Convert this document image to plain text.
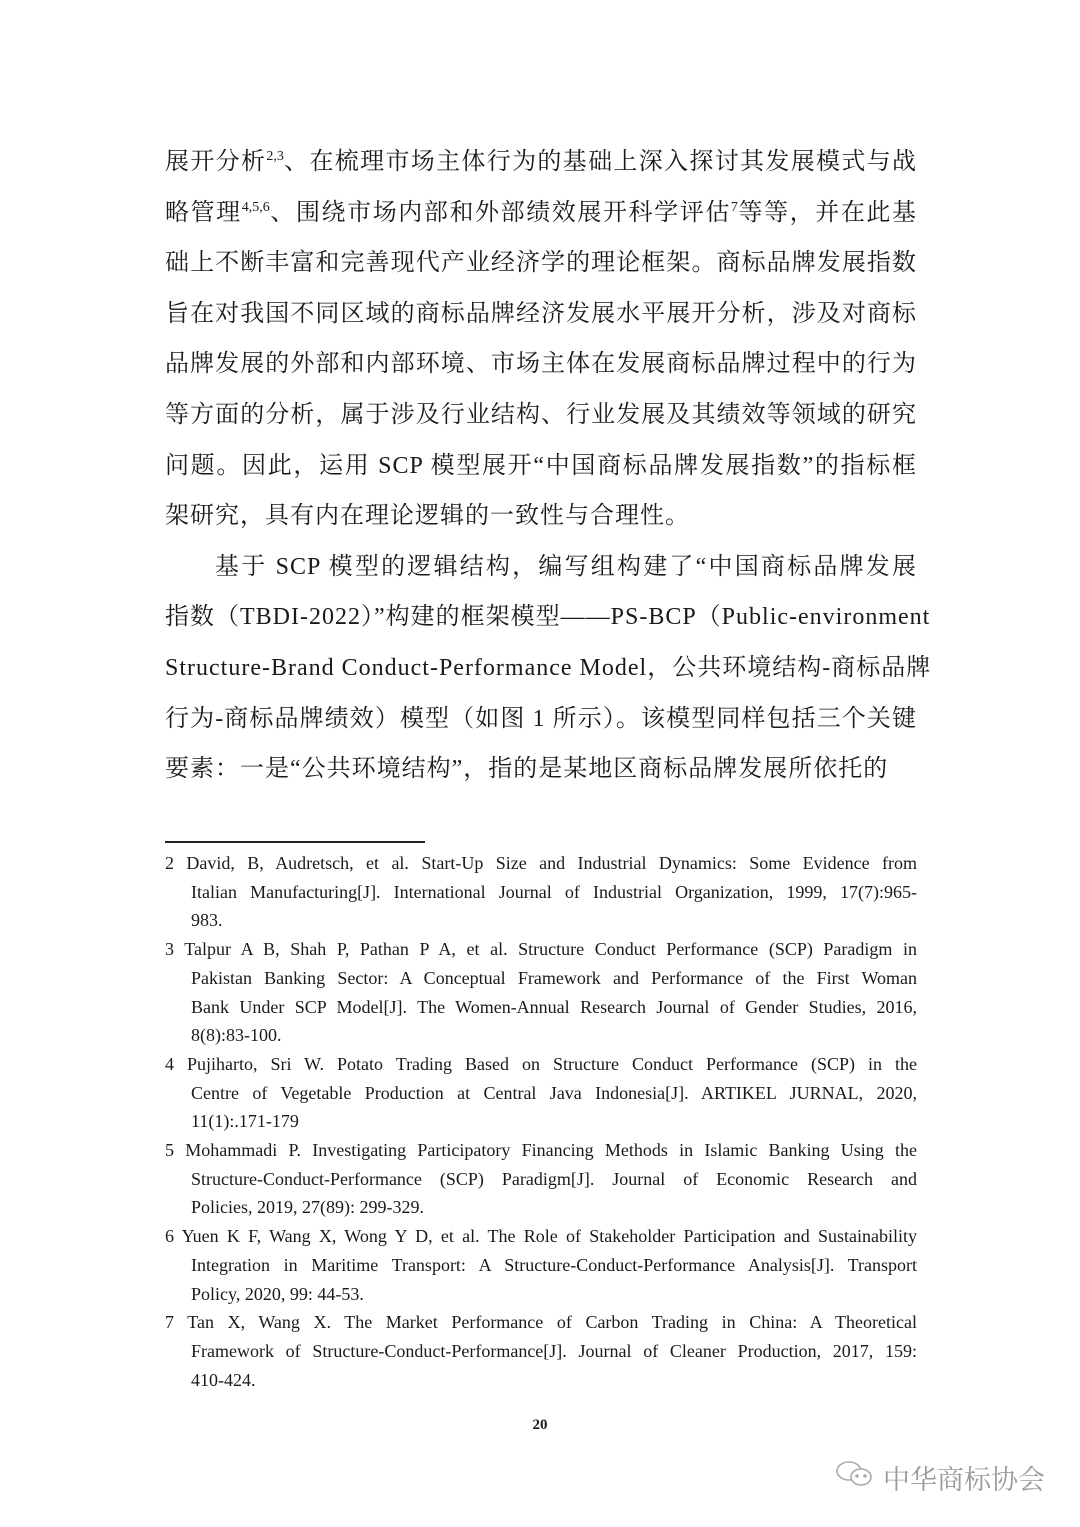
展开分析$^{2,3}$、在梳理市场主体行为的基础上深入探讨其发展模式与战
略管理$^{4,5,6}$、围绕市场内部和外部绩效展开科学评估$^7$等等，并在此基
础上不断丰富和完善现代产业经济学的理论框架。商标品牌发展指数
旨在对我国不同区域的商标品牌经济发展水平展开分析，涉及对商标
品牌发展的外部和内部环境、市场主体在发展商标品牌过程中的行为
等方面的分析，属于涉及行业结构、行业发展及其绩效等领域的研究
问题。因此，运用 SCP 模型展开“中国商标品牌发展指数”的指标框
架研究，具有内在理论逻辑的一致性与合理性。
基于 SCP 模型的逻辑结构，编写组构建了“中国商标品牌发展
指数（TBDI-2022）”构建的框架模型——PS-BCP（Public-environment
Structure-Brand Conduct-Performance Model，公共环境结构-商标品牌
行为-商标品牌绩效）模型（如图 1 所示）。该模型同样包括三个关键
要素：一是“公共环境结构”，指的是某地区商标品牌发展所依托的
2 David, B, Audretsch, et al. Start-Up Size and Industrial Dynamics: Some Evidence from
Italian Manufacturing[J]. International Journal of Industrial Organization, 1999, 17(7):965-
983.
3 Talpur A B, Shah P, Pathan P A, et al. Structure Conduct Performance (SCP) Paradigm in
Pakistan Banking Sector: A Conceptual Framework and Performance of the First Woman
Bank Under SCP Model[J]. The Women-Annual Research Journal of Gender Studies, 2016,
8(8):83-100.
4 Pujiharto, Sri W. Potato Trading Based on Structure Conduct Performance (SCP) in the
Centre of Vegetable Production at Central Java Indonesia[J]. ARTIKEL JURNAL, 2020,
11(1):.171-179
5 Mohammadi P. Investigating Participatory Financing Methods in Islamic Banking Using the
Structure-Conduct-Performance (SCP) Paradigm[J]. Journal of Economic Research and
Policies, 2019, 27(89): 299-329.
6 Yuen K F, Wang X, Wong Y D, et al. The Role of Stakeholder Participation and Sustainability
Integration in Maritime Transport: A Structure-Conduct-Performance Analysis[J]. Transport
Policy, 2020, 99: 44-53.
7 Tan X, Wang X. The Market Performance of Carbon Trading in China: A Theoretical
Framework of Structure-Conduct-Performance[J]. Journal of Cleaner Production, 2017, 159:
410-424.
20
中华商标协会
